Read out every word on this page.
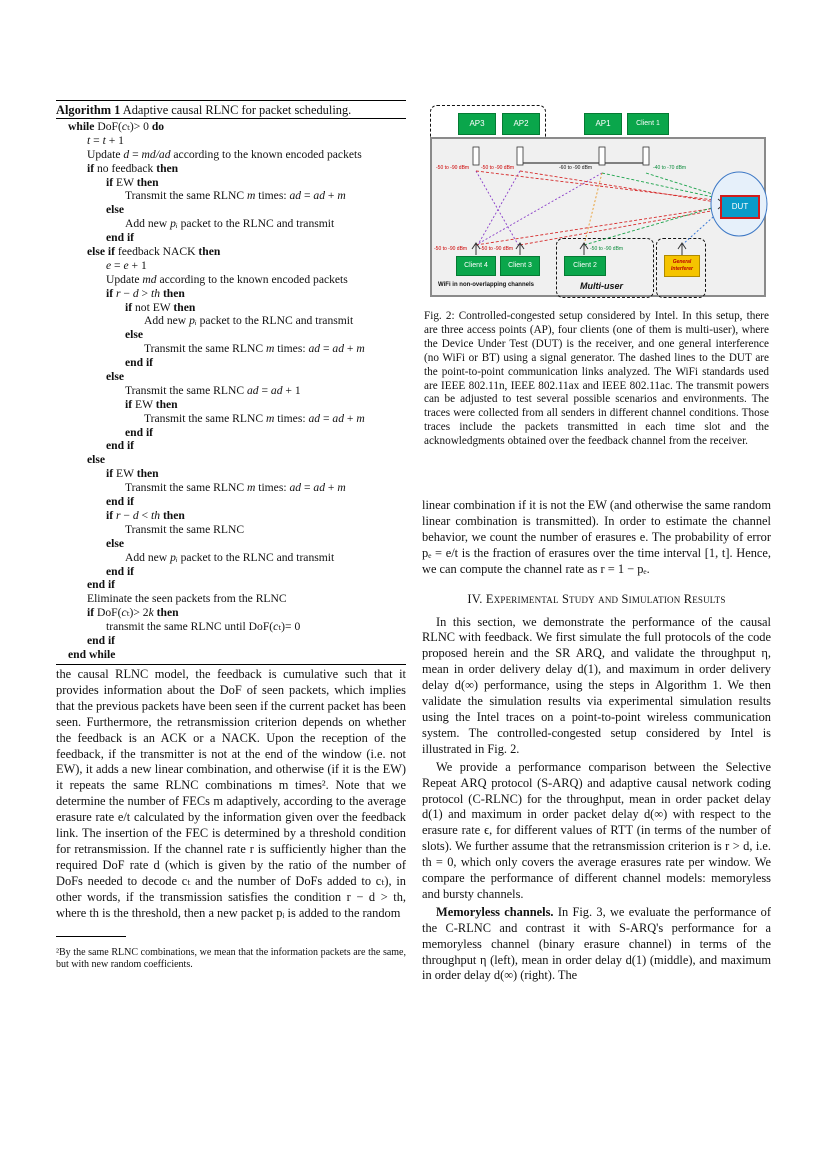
Algorithm 1 Adaptive causal RLNC for packet scheduling.
while DoF(cₜ)> 0 do
t = t + 1
Update d = md/ad according to the known encoded packets
if no feedback then
if EW then
Transmit the same RLNC m times: ad = ad + m
else
Add new pᵢ packet to the RLNC and transmit
end if
else if feedback NACK then
e = e + 1
Update md according to the known encoded packets
if r − d > th then
if not EW then
Add new pᵢ packet to the RLNC and transmit
else
Transmit the same RLNC m times: ad = ad + m
end if
else
Transmit the same RLNC ad = ad + 1
if EW then
Transmit the same RLNC m times: ad = ad + m
end if
end if
else
if EW then
Transmit the same RLNC m times: ad = ad + m
end if
if r − d < th then
Transmit the same RLNC
else
Add new pᵢ packet to the RLNC and transmit
end if
end if
Eliminate the seen packets from the RLNC
if DoF(cₜ)> 2k then
transmit the same RLNC until DoF(cₜ)= 0
end if
end while

the causal RLNC model, the feedback is cumulative such that it provides information about the DoF of seen packets, which implies that the previous packets have been seen if the current packet has been seen. Furthermore, the retransmission criterion depends on whether the feedback is an ACK or a NACK. Upon the reception of the feedback, if the transmitter is not at the end of the window (i.e. not EW), it adds a new linear combination, and otherwise (if it is the EW) it repeats the same RLNC combinations m times². Note that we determine the number of FECs m adaptively, according to the average erasure rate e/t calculated by the information given over the feedback link. The insertion of the FEC is determined by a threshold condition for retransmission. If the channel rate r is sufficiently higher than the required DoF rate d (which is given by the ratio of the number of DoFs needed to decode cₜ and the number of DoFs added to cₜ), in other words, if the transmission satisfies the condition r − d > th, where th is the threshold, then a new packet pᵢ is added to the random

²By the same RLNC combinations, we mean that the information packets are the same, but with new random coefficients.

AP3	AP2	AP1	Client 1
DUT
Client 4	Client 3	Client 2	General Interferer
WiFi in non-overlapping channels	Multi-user
-50 to -90 dBm -50 to -90 dBm	-60 to -90 dBm	-40 to -70 dBm
-50 to -90 dBm	-50 to -90 dBm	-50 to -90 dBm
Fig. 2: Controlled-congested setup considered by Intel. In this setup, there are three access points (AP), four clients (one of them is multi-user), where the Device Under Test (DUT) is the receiver, and one general interference (no WiFi or BT) using a signal generator. The dashed lines to the DUT are the point-to-point communication links analyzed. The WiFi standards used are IEEE 802.11n, IEEE 802.11ax and IEEE 802.11ac. The transmit powers can be adjusted to test several possible scenarios and environments. The traces were collected from all senders in different channel conditions. Those traces include the packets transmitted in each time slot and the acknowledgments obtained over the feedback channel from the receiver.

linear combination if it is not the EW (and otherwise the same random linear combination is transmitted). In order to estimate the channel behavior, we count the number of erasures e. The probability of error pₑ = e/t is the fraction of erasures over the time interval [1, t]. Hence, we can compute the channel rate as r = 1 − pₑ.

IV. Experimental Study and Simulation Results

In this section, we demonstrate the performance of the causal RLNC with feedback. We first simulate the full protocols of the code proposed herein and the SR ARQ, and validate the throughput η, mean in order delivery delay d(1), and maximum in order delivery delay d(∞) performance, using the steps in Algorithm 1. We then validate the simulation results via experimental simulation results using the Intel traces on a point-to-point wireless communication system. The controlled-congested setup considered by Intel is illustrated in Fig. 2.

We provide a performance comparison between the Selective Repeat ARQ protocol (S-ARQ) and adaptive causal network coding protocol (C-RLNC) for the throughput, mean in order packet delay d(1) and maximum in order packet delay d(∞) with respect to the erasure rate ϵ, for different values of RTT (in terms of the number of slots). We further assume that the retransmission criterion is r > d, i.e. th = 0, which only covers the average erasures rate per window. We compare the performance of different channel models: memoryless and bursty channels.

Memoryless channels. In Fig. 3, we evaluate the performance of the C-RLNC and contrast it with S-ARQ's performance for a memoryless channel (binary erasure channel) in terms of the throughput η (left), mean in order delay d(1) (middle), and maximum in order delay d(∞) (right). The
